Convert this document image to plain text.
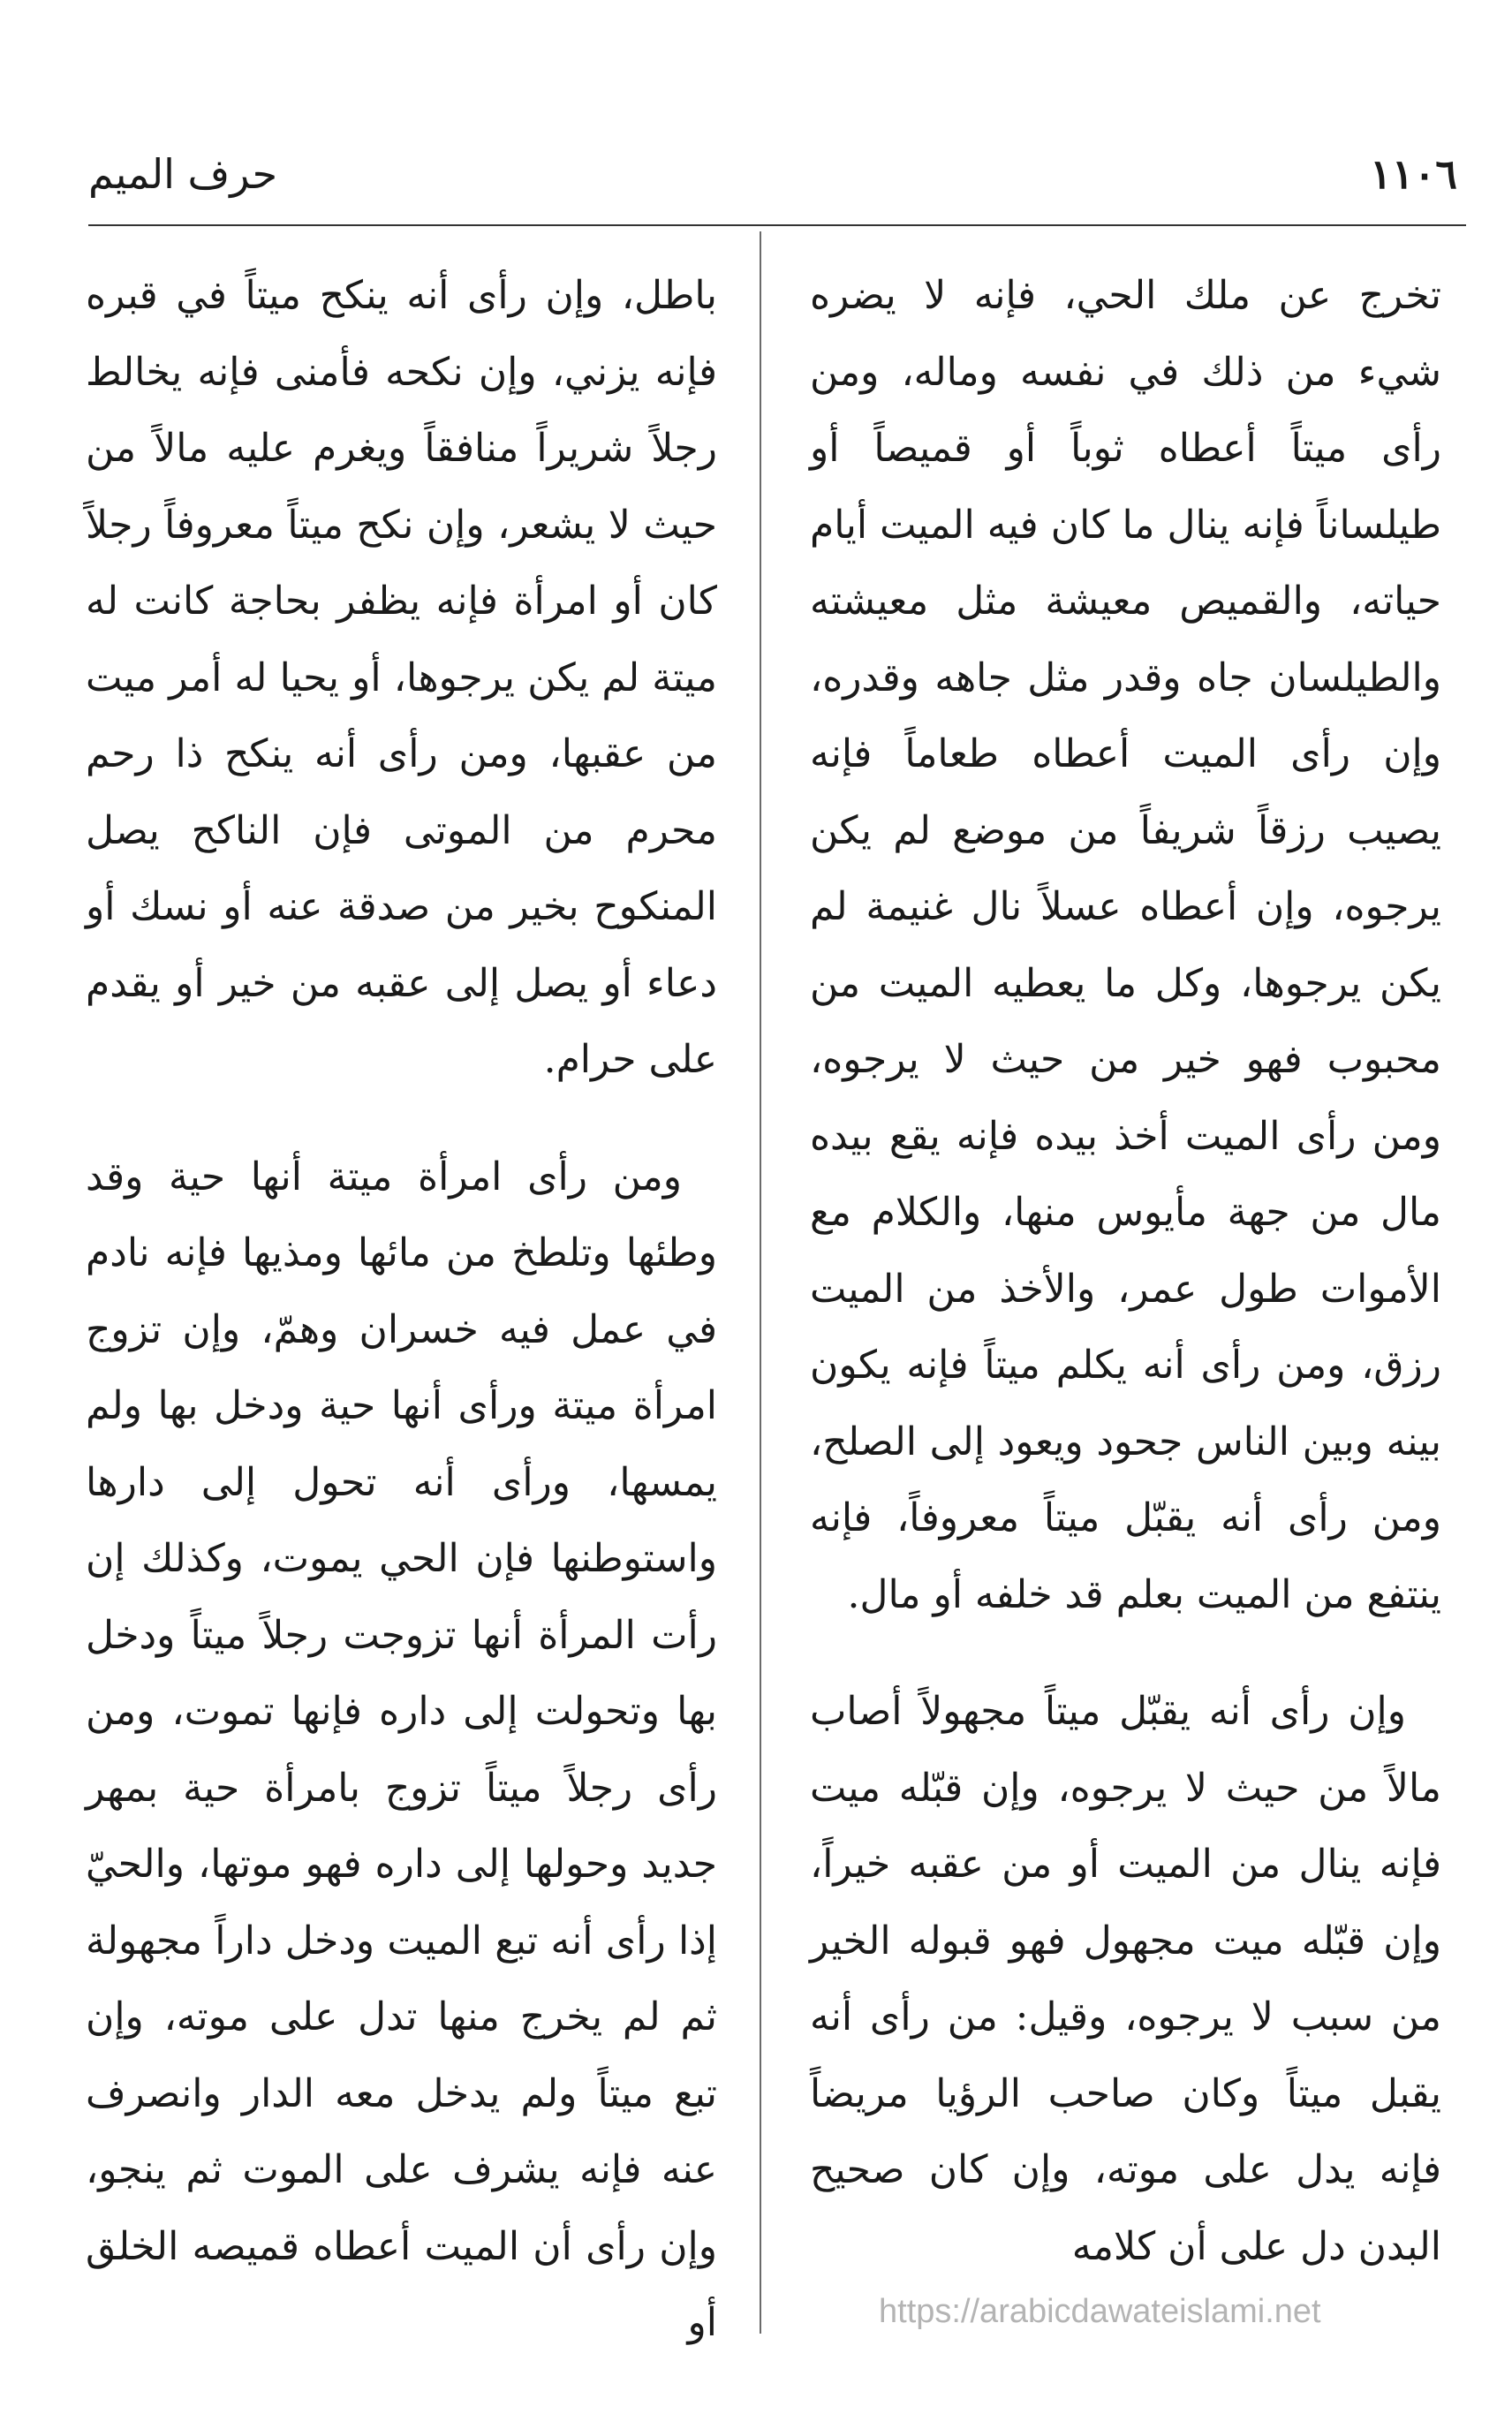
١١٠٦
حرف الميم

تخرج عن ملك الحي، فإنه لا يضره شيء من ذلك في نفسه وماله، ومن رأى ميتاً أعطاه ثوباً أو قميصاً أو طيلساناً فإنه ينال ما كان فيه الميت أيام حياته، والقميص معيشة مثل معيشته والطيلسان جاه وقدر مثل جاهه وقدره، وإن رأى الميت أعطاه طعاماً فإنه يصيب رزقاً شريفاً من موضع لم يكن يرجوه، وإن أعطاه عسلاً نال غنيمة لم يكن يرجوها، وكل ما يعطيه الميت من محبوب فهو خير من حيث لا يرجوه، ومن رأى الميت أخذ بيده فإنه يقع بيده مال من جهة مأيوس منها، والكلام مع الأموات طول عمر، والأخذ من الميت رزق، ومن رأى أنه يكلم ميتاً فإنه يكون بينه وبين الناس جحود ويعود إلى الصلح، ومن رأى أنه يقبّل ميتاً معروفاً، فإنه ينتفع من الميت بعلم قد خلفه أو مال.

وإن رأى أنه يقبّل ميتاً مجهولاً أصاب مالاً من حيث لا يرجوه، وإن قبّله ميت فإنه ينال من الميت أو من عقبه خيراً، وإن قبّله ميت مجهول فهو قبوله الخير من سبب لا يرجوه، وقيل: من رأى أنه يقبل ميتاً وكان صاحب الرؤيا مريضاً فإنه يدل على موته، وإن كان صحيح البدن دل على أن كلامه

باطل، وإن رأى أنه ينكح ميتاً في قبره فإنه يزني، وإن نكحه فأمنى فإنه يخالط رجلاً شريراً منافقاً ويغرم عليه مالاً من حيث لا يشعر، وإن نكح ميتاً معروفاً رجلاً كان أو امرأة فإنه يظفر بحاجة كانت له ميتة لم يكن يرجوها، أو يحيا له أمر ميت من عقبها، ومن رأى أنه ينكح ذا رحم محرم من الموتى فإن الناكح يصل المنكوح بخير من صدقة عنه أو نسك أو دعاء أو يصل إلى عقبه من خير أو يقدم على حرام.

ومن رأى امرأة ميتة أنها حية وقد وطئها وتلطخ من مائها ومذيها فإنه نادم في عمل فيه خسران وهمّ، وإن تزوج امرأة ميتة ورأى أنها حية ودخل بها ولم يمسها، ورأى أنه تحول إلى دارها واستوطنها فإن الحي يموت، وكذلك إن رأت المرأة أنها تزوجت رجلاً ميتاً ودخل بها وتحولت إلى داره فإنها تموت، ومن رأى رجلاً ميتاً تزوج بامرأة حية بمهر جديد وحولها إلى داره فهو موتها، والحيّ إذا رأى أنه تبع الميت ودخل داراً مجهولة ثم لم يخرج منها تدل على موته، وإن تبع ميتاً ولم يدخل معه الدار وانصرف عنه فإنه يشرف على الموت ثم ينجو، وإن رأى أن الميت أعطاه قميصه الخلق أو	https://arabicdawateislami.net
